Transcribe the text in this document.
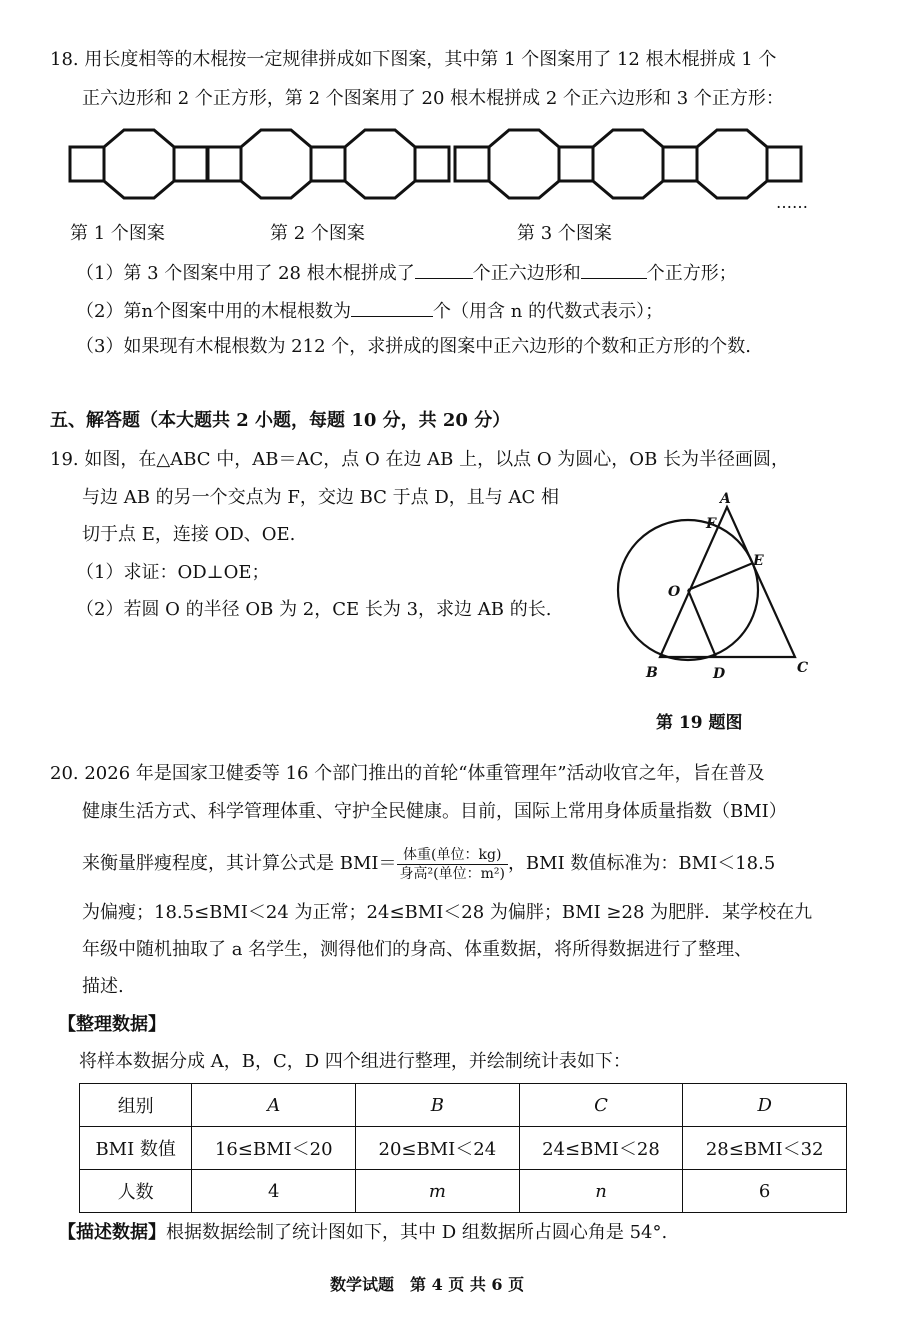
18. 用长度相等的木棍按一定规律拼成如下图案，其中第 1 个图案用了 12 根木棍拼成 1 个
正六边形和 2 个正方形，第 2 个图案用了 20 根木棍拼成 2 个正六边形和 3 个正方形：
……
第 1 个图案	第 2 个图案	第 3 个图案
（1）第 3 个图案中用了 28 根木棍拼成了	个正六边形和	个正方形；
（2）第n个图案中用的木棍根数为	个（用含 n 的代数式表示）；
（3）如果现有木棍根数为 212 个，求拼成的图案中正六边形的个数和正方形的个数.
五、解答题（本大题共 2 小题，每题 10 分，共 20 分）
19. 如图，在△ABC 中，AB＝AC，点 O 在边 AB 上，以点 O 为圆心，OB 长为半径画圆，
与边 AB 的另一个交点为 F，交边 BC 于点 D，且与 AC 相
切于点 E，连接 OD、OE.
（1）求证：OD⊥OE；
（2）若圆 O 的半径 OB 为 2，CE 长为 3，求边 AB 的长.
A
F
E
O
B	D	C
第 19 题图
20. 2026 年是国家卫健委等 16 个部门推出的首轮“体重管理年”活动收官之年，旨在普及
健康生活方式、科学管理体重、守护全民健康。目前，国际上常用身体质量指数（BMI）
来衡量胖瘦程度，其计算公式是 $BMI= \frac{\text{体重(单位：kg)}}{\text{身高²(单位：m²)}}$ ，BMI 数值标准为：BMI＜18.5
为偏瘦；18.5≤BMI＜24 为正常；24≤BMI＜28 为偏胖；BMI ≥28 为肥胖．某学校在九
年级中随机抽取了 a 名学生，测得他们的身高、体重数据，将所得数据进行了整理、
描述.
【整理数据】
将样本数据分成 A，B，C，D 四个组进行整理，并绘制统计表如下：
组别	A	B	C	D
BMI 数值	16≤BMI＜20	20≤BMI＜24	24≤BMI＜28	28≤BMI＜32
人数	4	m	n	6
【描述数据】根据数据绘制了统计图如下，其中 D 组数据所占圆心角是 54°.
数学试题　第 4 页 共 6 页
